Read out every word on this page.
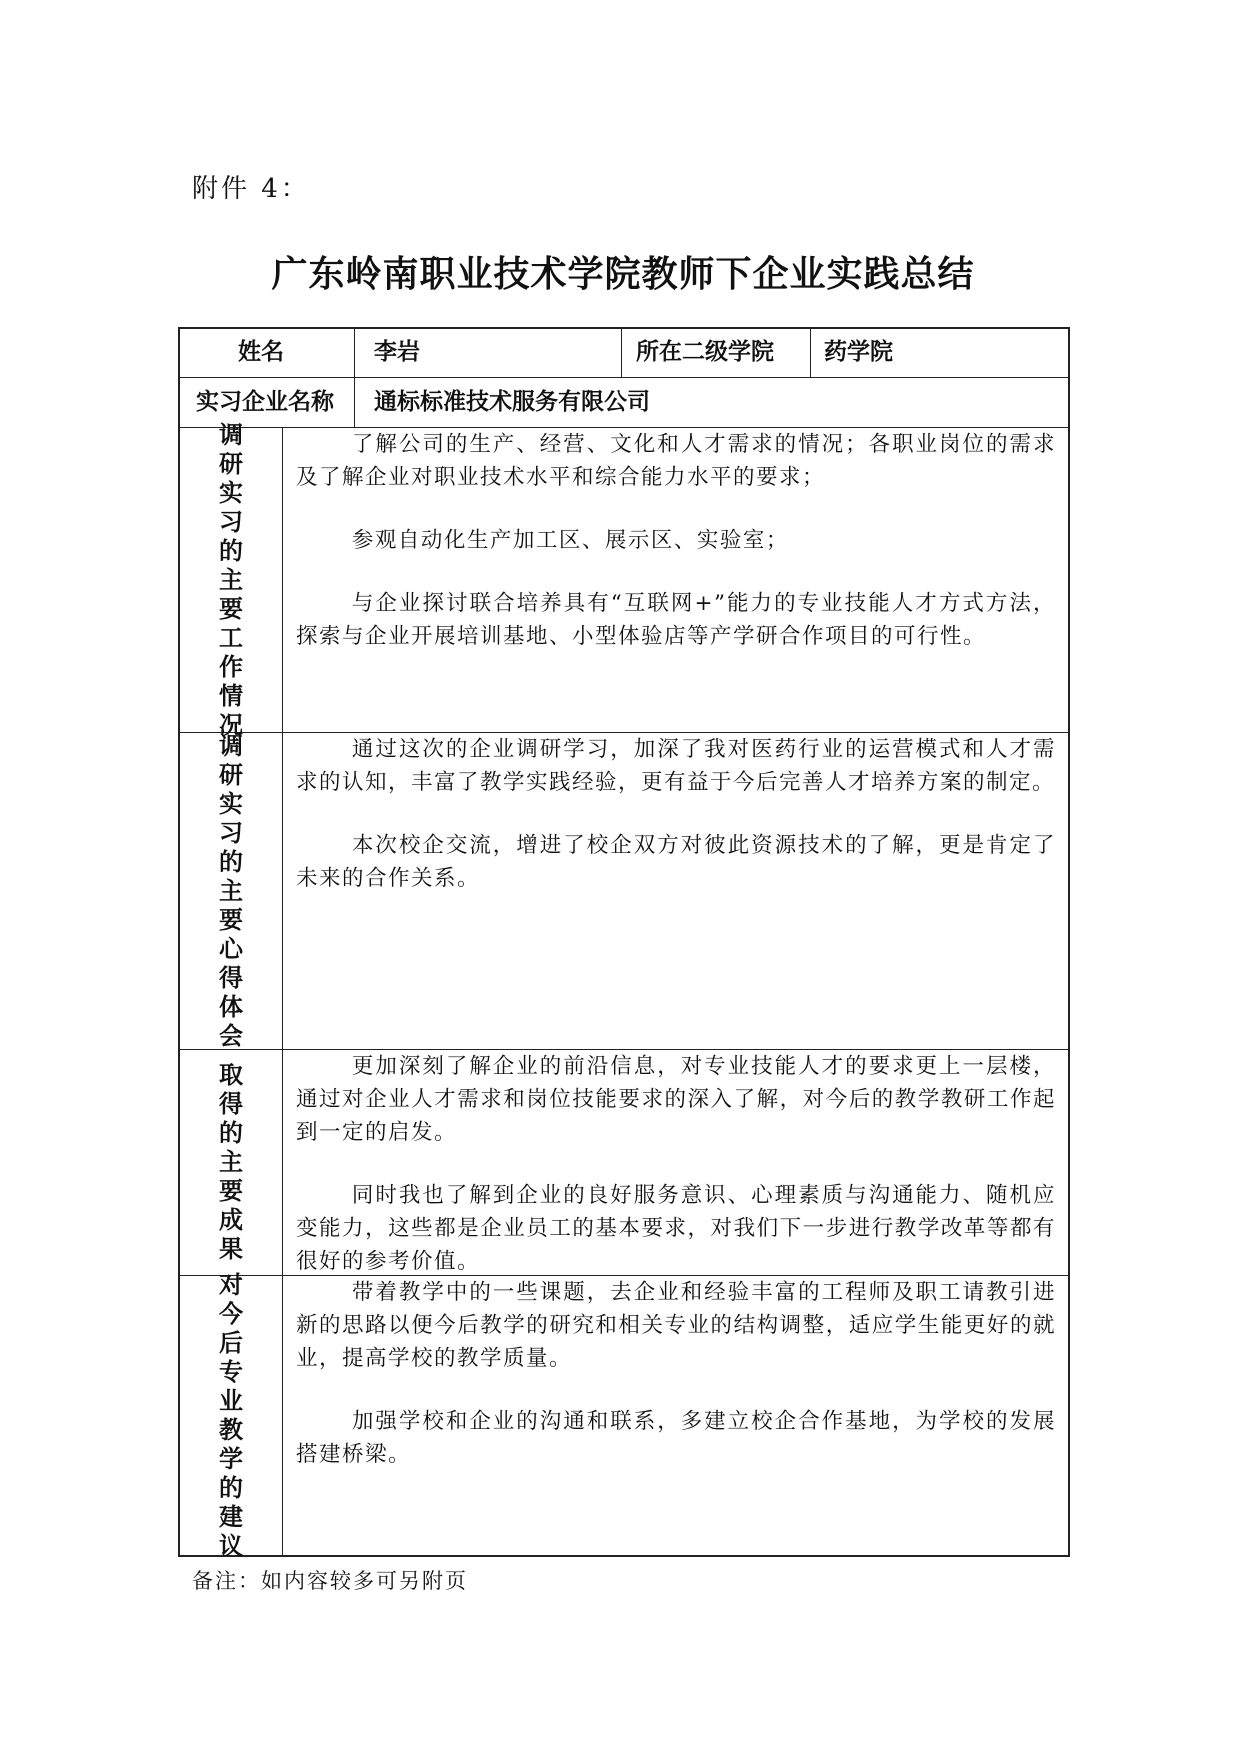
附件 4：
广东岭南职业技术学院教师下企业实践总结
姓名	李岩	所在二级学院 药学院
实习企业名称 通标标准技术服务有限公司
调
研
实
习
的
主
要
工
作
情
况
调
研
实
习
的
主
要
心
得
体
会
取
得
的
主
要
成
果
对
今
后
专
业
教
学
的
建
议

了解公司的生产、经营、文化和人才需求的情况；各职业岗位的需求及了解企业对职业技术水平和综合能力水平的要求；

参观自动化生产加工区、展示区、实验室；

与企业探讨联合培养具有“互联网+”能力的专业技能人才方式方法，探索与企业开展培训基地、小型体验店等产学研合作项目的可行性。

通过这次的企业调研学习，加深了我对医药行业的运营模式和人才需求的认知，丰富了教学实践经验，更有益于今后完善人才培养方案的制定。

本次校企交流，增进了校企双方对彼此资源技术的了解，更是肯定了未来的合作关系。

更加深刻了解企业的前沿信息，对专业技能人才的要求更上一层楼，通过对企业人才需求和岗位技能要求的深入了解，对今后的教学教研工作起到一定的启发。

同时我也了解到企业的良好服务意识、心理素质与沟通能力、随机应变能力，这些都是企业员工的基本要求，对我们下一步进行教学改革等都有很好的参考价值。

带着教学中的一些课题，去企业和经验丰富的工程师及职工请教引进新的思路以便今后教学的研究和相关专业的结构调整，适应学生能更好的就业，提高学校的教学质量。

加强学校和企业的沟通和联系，多建立校企合作基地，为学校的发展搭建桥梁。

备注：如内容较多可另附页
